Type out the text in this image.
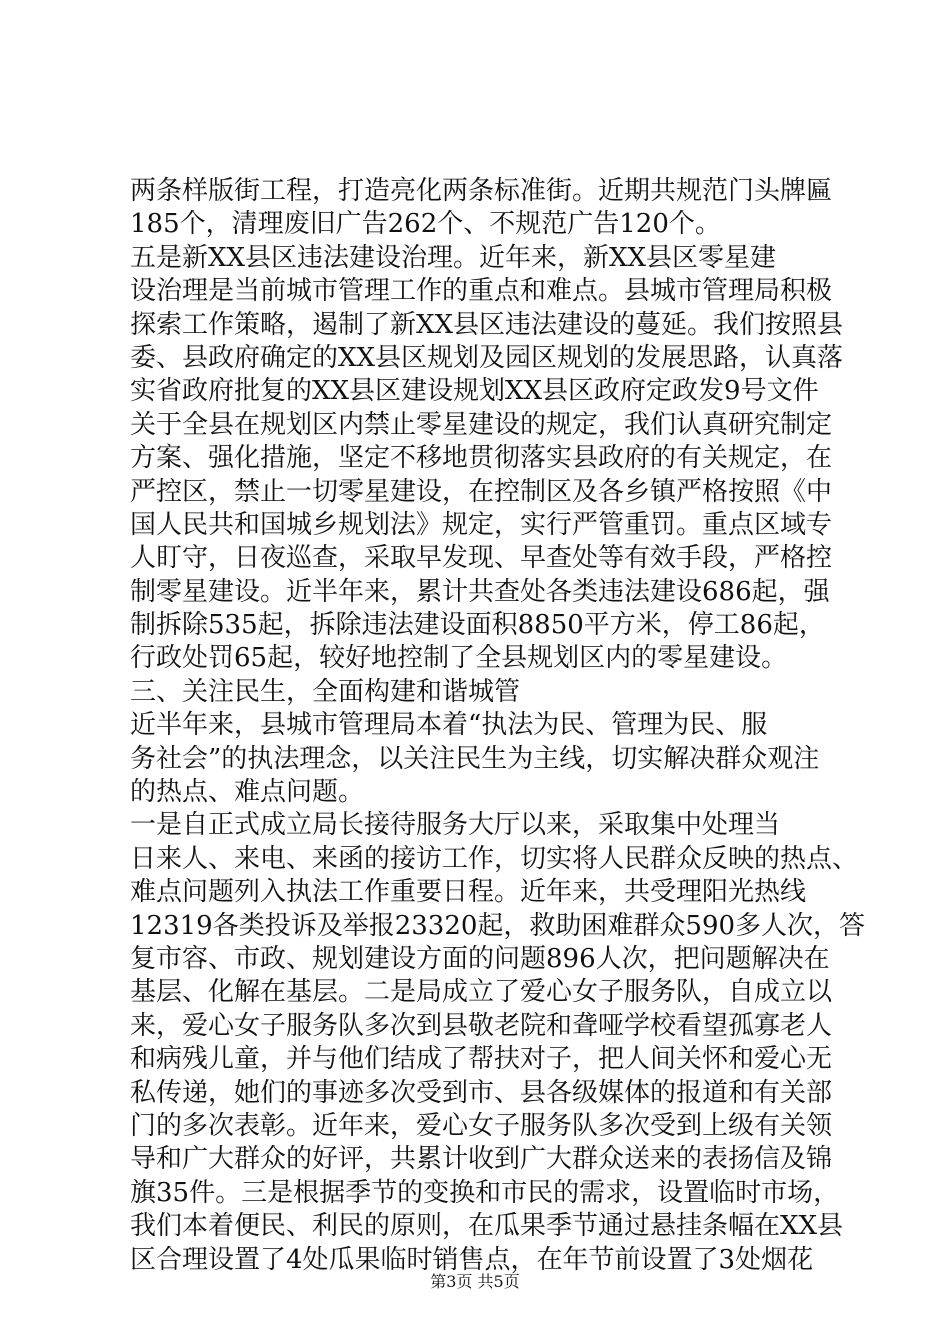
两条样版街工程，打造亮化两条标准街。近期共规范门头牌匾
185个，清理废旧广告262个、不规范广告120个。
五是新XX县区违法建设治理。近年来，新XX县区零星建
设治理是当前城市管理工作的重点和难点。县城市管理局积极
探索工作策略，遏制了新XX县区违法建设的蔓延。我们按照县
委、县政府确定的XX县区规划及园区规划的发展思路，认真落
实省政府批复的XX县区建设规划XX县区政府定政发9号文件
关于全县在规划区内禁止零星建设的规定，我们认真研究制定
方案、强化措施，坚定不移地贯彻落实县政府的有关规定，在
严控区，禁止一切零星建设，在控制区及各乡镇严格按照《中
国人民共和国城乡规划法》规定，实行严管重罚。重点区域专
人盯守，日夜巡查，采取早发现、早查处等有效手段，严格控
制零星建设。近半年来，累计共查处各类违法建设686起，强
制拆除535起，拆除违法建设面积8850平方米，停工86起，
行政处罚65起，较好地控制了全县规划区内的零星建设。
三、关注民生，全面构建和谐城管
近半年来，县城市管理局本着“执法为民、管理为民、服
务社会”的执法理念，以关注民生为主线，切实解决群众观注
的热点、难点问题。
一是自正式成立局长接待服务大厅以来，采取集中处理当
日来人、来电、来函的接访工作，切实将人民群众反映的热点、
难点问题列入执法工作重要日程。近年来，共受理阳光热线
12319各类投诉及举报23320起，救助困难群众590多人次，答
复市容、市政、规划建设方面的问题896人次，把问题解决在
基层、化解在基层。二是局成立了爱心女子服务队，自成立以
来，爱心女子服务队多次到县敬老院和聋哑学校看望孤寡老人
和病残儿童，并与他们结成了帮扶对子，把人间关怀和爱心无
私传递，她们的事迹多次受到市、县各级媒体的报道和有关部
门的多次表彰。近年来，爱心女子服务队多次受到上级有关领
导和广大群众的好评，共累计收到广大群众送来的表扬信及锦
旗35件。三是根据季节的变换和市民的需求，设置临时市场，
我们本着便民、利民的原则，在瓜果季节通过悬挂条幅在XX县
区合理设置了4处瓜果临时销售点，在年节前设置了3处烟花
第3页 共5页
